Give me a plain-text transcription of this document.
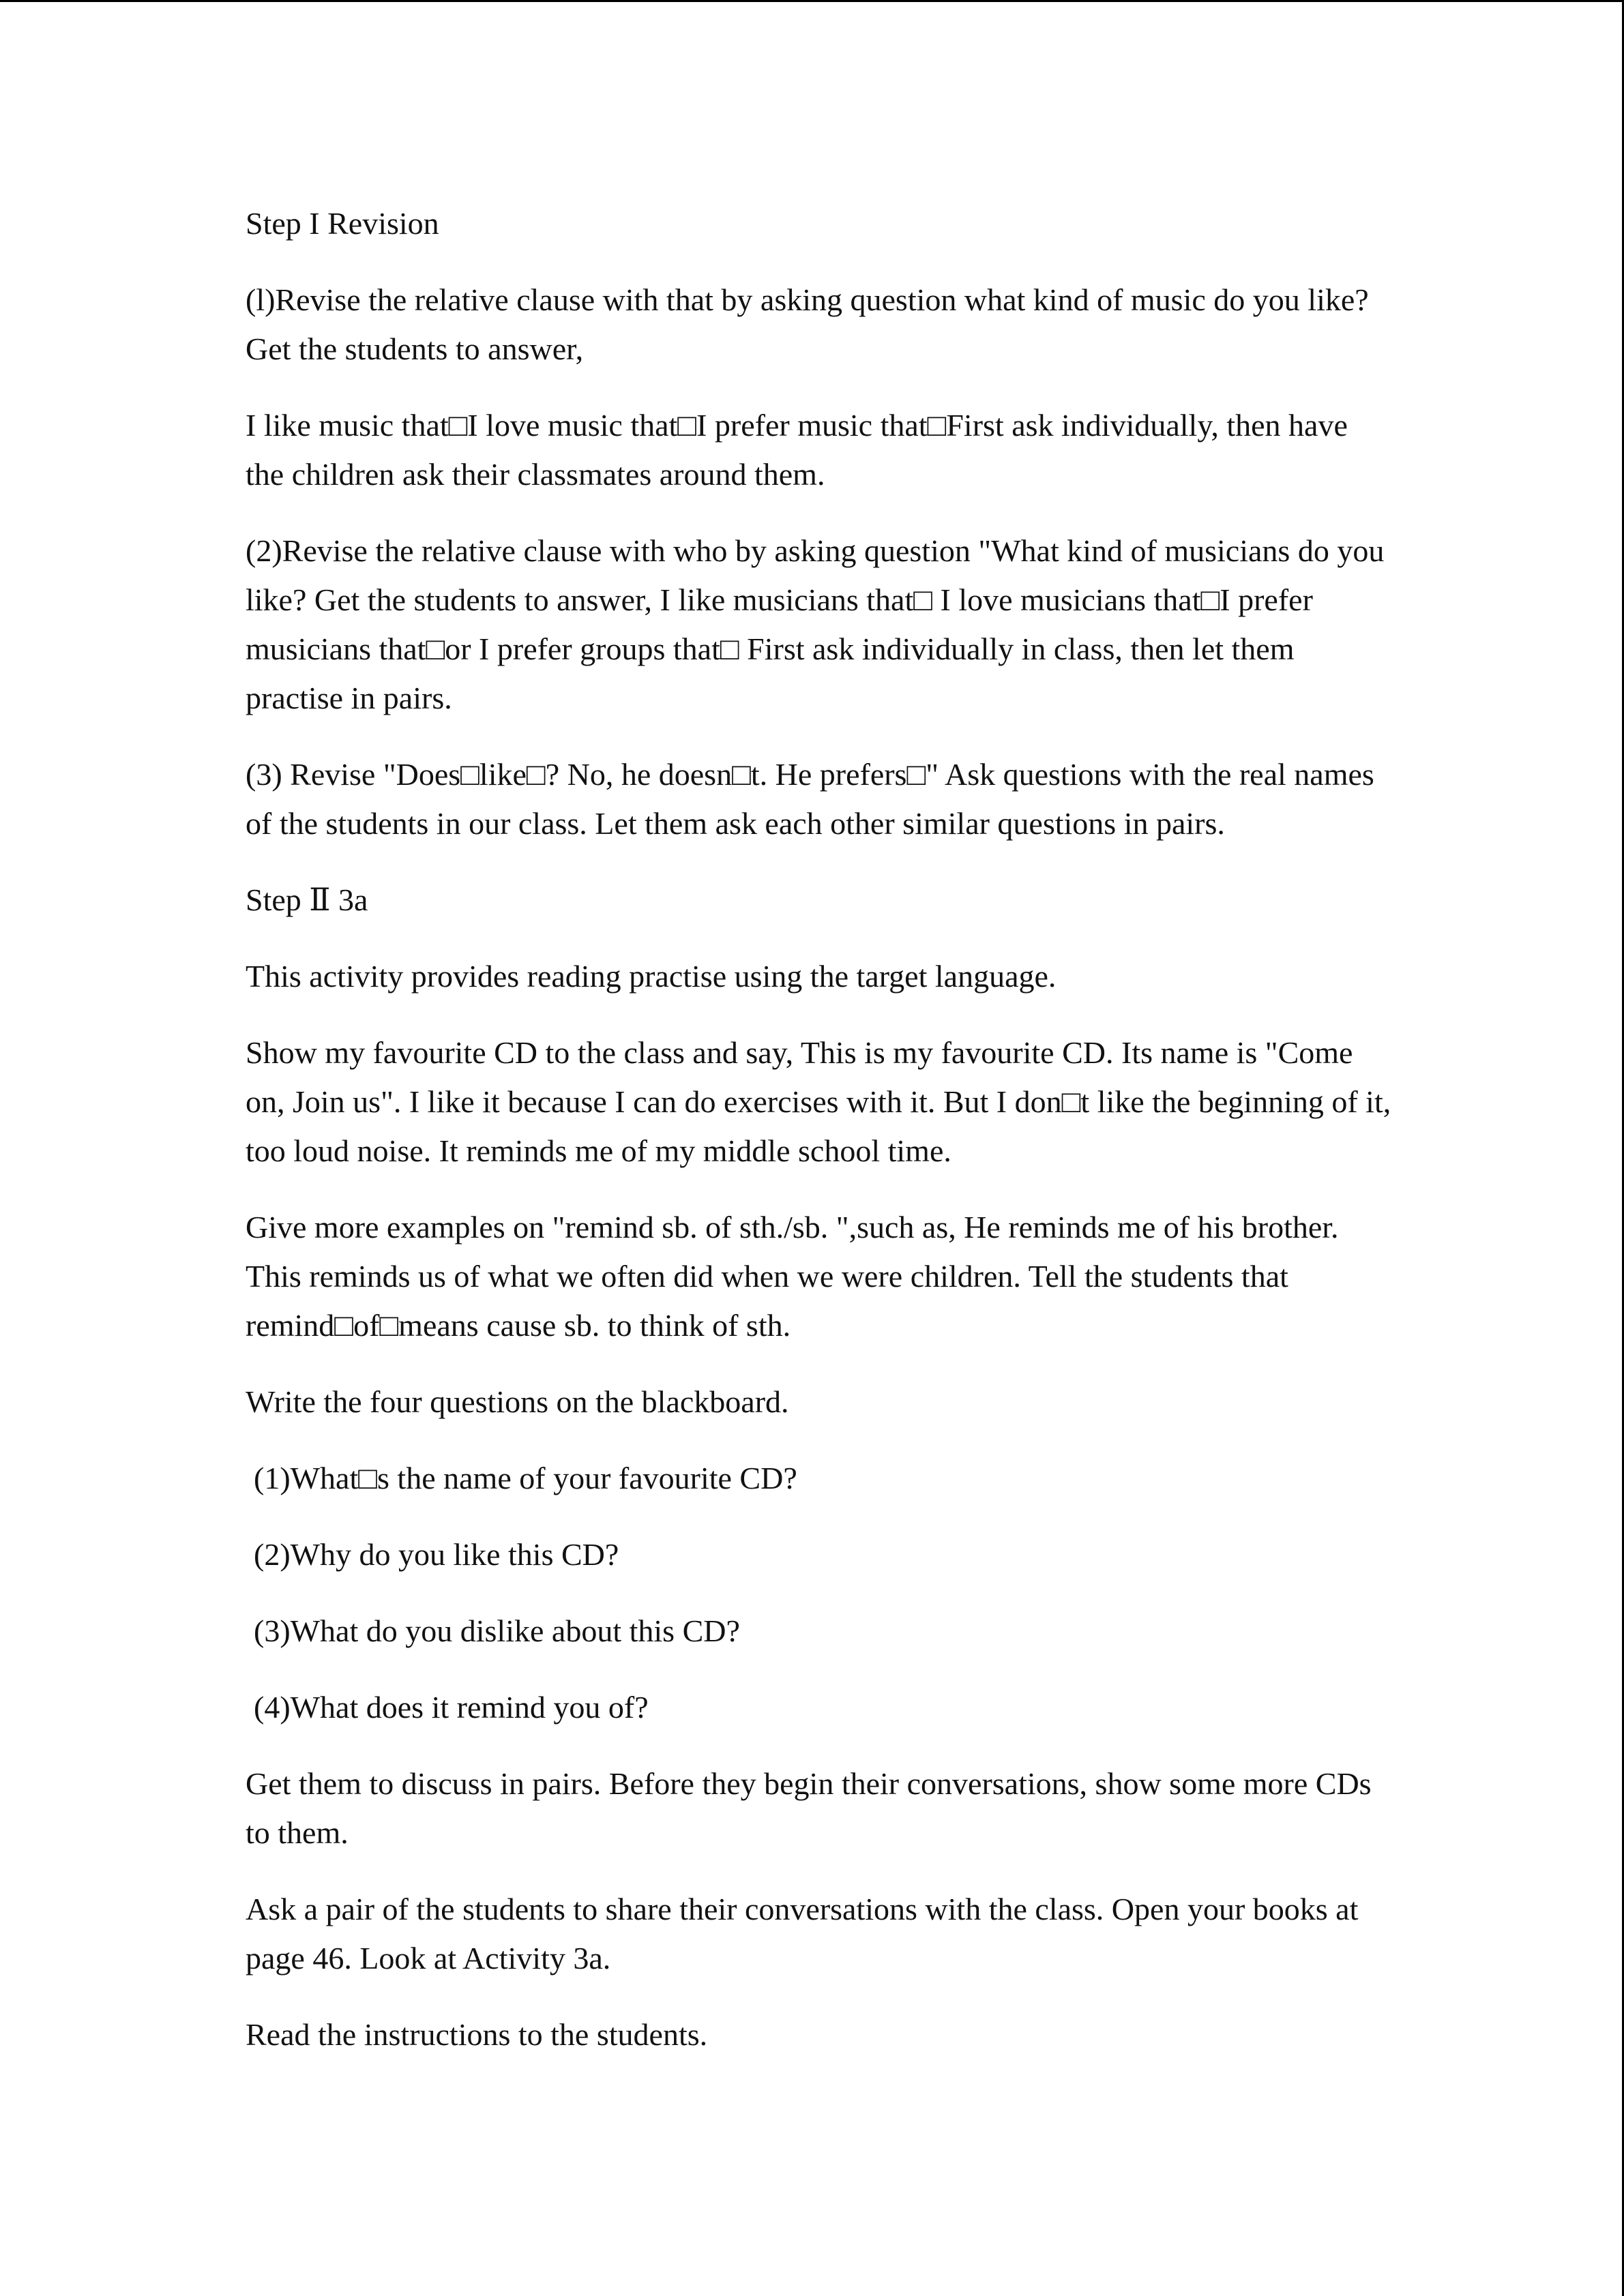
Step I Revision

(l)Revise the relative clause with that by asking question what kind of music do you like? Get the students to answer,

I like music that□I love music that□I prefer music that□First ask individually, then have the children ask their classmates around them.

(2)Revise the relative clause with who by asking question "What kind of musicians do you like? Get the students to answer, I like musicians that□ I love musicians that□I prefer musicians that□or I prefer groups that□ First ask individually in class, then let them practise in pairs.

(3) Revise "Does□like□? No, he doesn□t. He prefers□" Ask questions with the real names of the students in our class. Let them ask each other similar questions in pairs.

Step Ⅱ 3a

This activity provides reading practise using the target language.

Show my favourite CD to the class and say, This is my favourite CD. Its name is "Come on, Join us". I like it because I can do exercises with it. But I don□t like the beginning of it, too loud noise. It reminds me of my middle school time.

Give more examples on "remind sb. of sth./sb. ",such as, He reminds me of his brother. This reminds us of what we often did when we were children. Tell the students that remind□of□means cause sb. to think of sth.

Write the four questions on the blackboard.

(1)What□s the name of your favourite CD?

(2)Why do you like this CD?

(3)What do you dislike about this CD?

(4)What does it remind you of?

Get them to discuss in pairs. Before they begin their conversations, show some more CDs to them.

Ask a pair of the students to share their conversations with the class. Open your books at page 46. Look at Activity 3a.

Read the instructions to the students.
